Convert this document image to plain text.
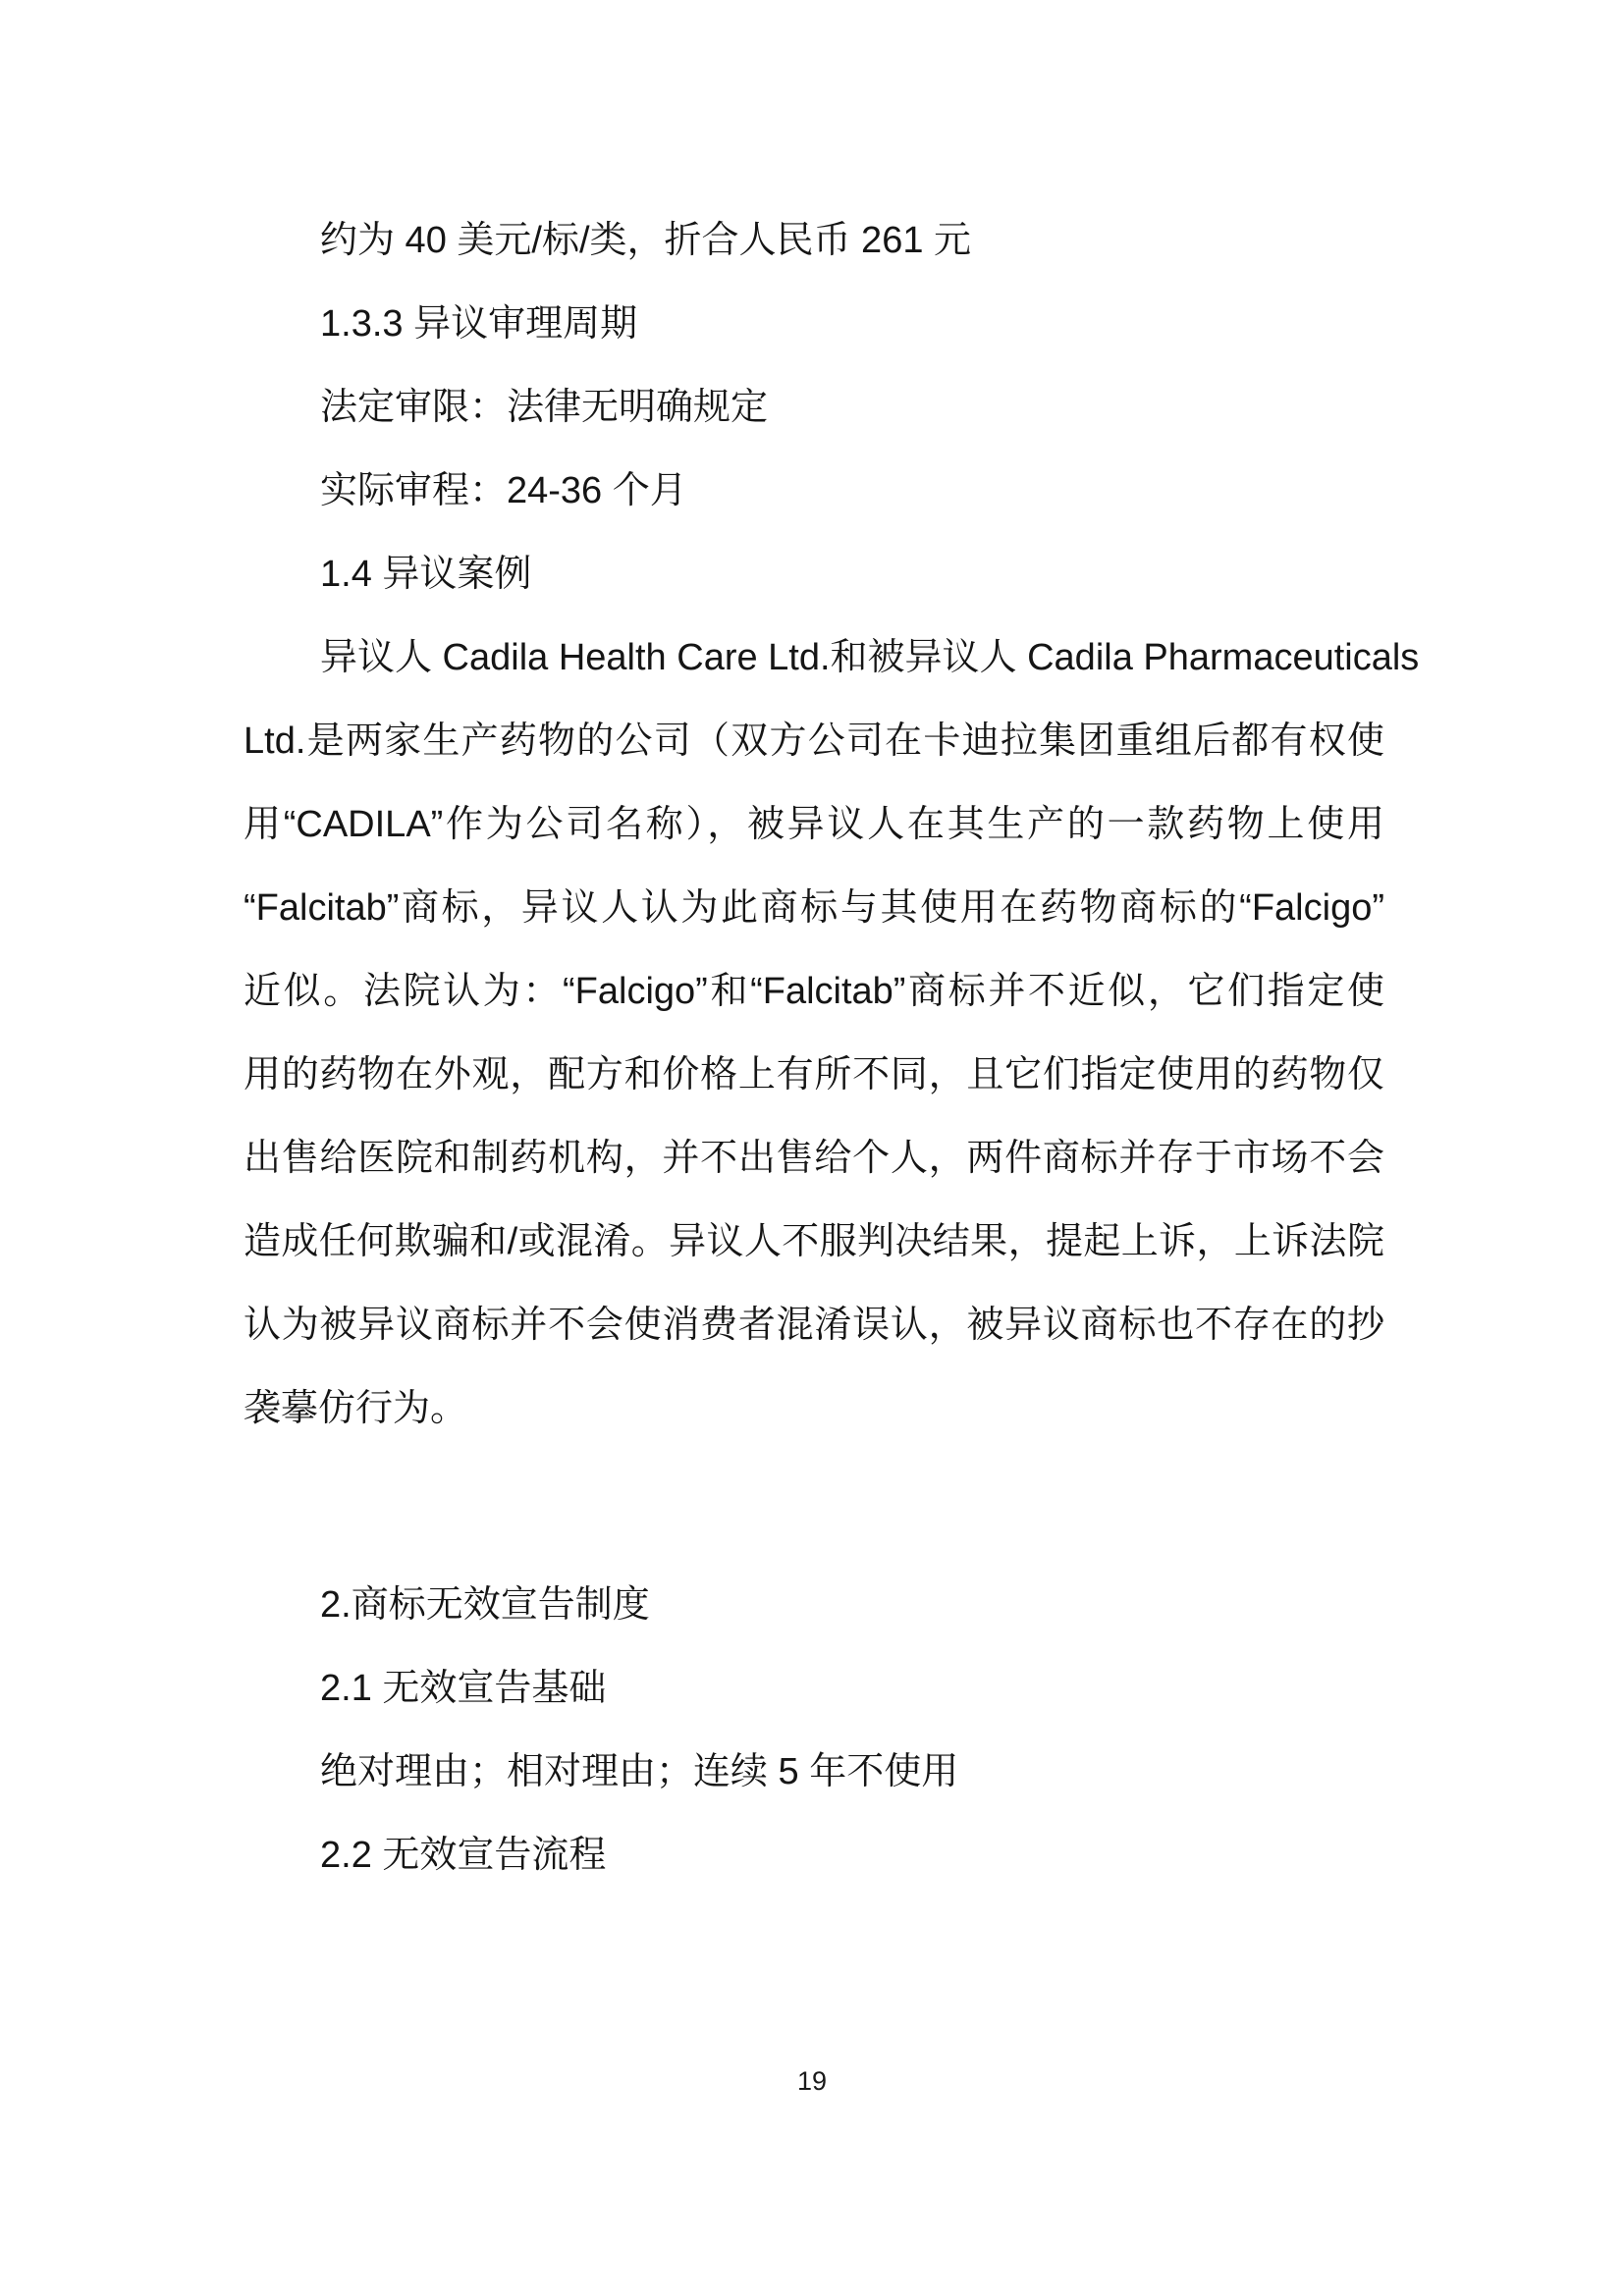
约为 40 美元/标/类，折合人民币 261 元
1.3.3 异议审理周期
法定审限：法律无明确规定
实际审程：24-36 个月
1.4 异议案例
异议人 Cadila Health Care Ltd.和被异议人 Cadila Pharmaceuticals
Ltd.是两家生产药物的公司（双方公司在卡迪拉集团重组后都有权使
用“CADILA”作为公司名称），被异议人在其生产的一款药物上使用
“Falcitab”商标，异议人认为此商标与其使用在药物商标的“Falcigo”
近似。法院认为：“Falcigo”和“Falcitab”商标并不近似，它们指定使
用的药物在外观，配方和价格上有所不同，且它们指定使用的药物仅
出售给医院和制药机构，并不出售给个人，两件商标并存于市场不会
造成任何欺骗和/或混淆。异议人不服判决结果，提起上诉，上诉法院
认为被异议商标并不会使消费者混淆误认，被异议商标也不存在的抄
袭摹仿行为。
2.商标无效宣告制度
2.1 无效宣告基础
绝对理由；相对理由；连续 5 年不使用
2.2 无效宣告流程
19
